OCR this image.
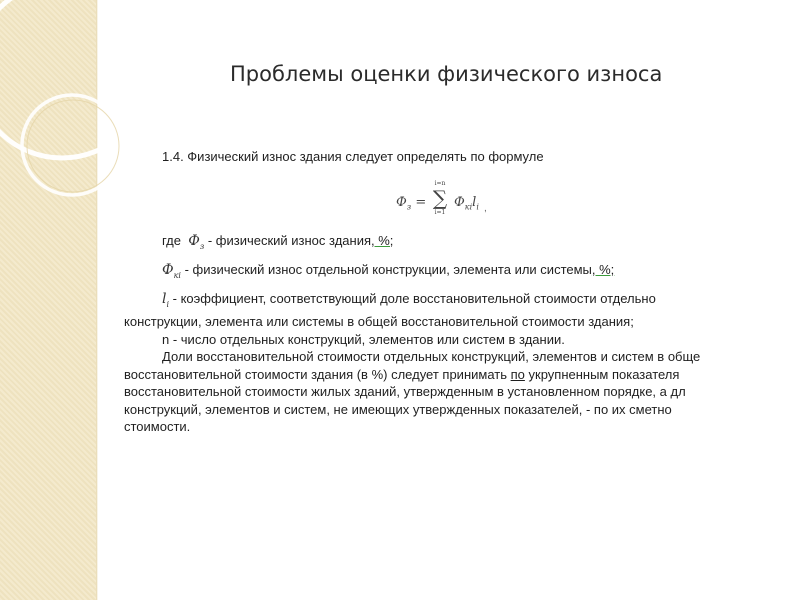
Проблемы оценки физического износа
1.4. Физический износ здания следует определять по формуле
$Ф_з$ =
i=n
∑
i=1
$Ф_{кi}l_i$ ,
где $Ф_з$ - физический износ здания, %;
$Ф_{кi}$ - физический износ отдельной конструкции, элемента или системы, %;
$l_i$ - коэффициент, соответствующий доле восстановительной стоимости отдельно
конструкции, элемента или системы в общей восстановительной стоимости здания;
n - число отдельных конструкций, элементов или систем в здании.
Доли восстановительной стоимости отдельных конструкций, элементов и систем в обще
восстановительной стоимости здания (в %) следует принимать по укрупненным показателя
восстановительной стоимости жилых зданий, утвержденным в установленном порядке, а дл
конструкций, элементов и систем, не имеющих утвержденных показателей, - по их сметно
стоимости.
